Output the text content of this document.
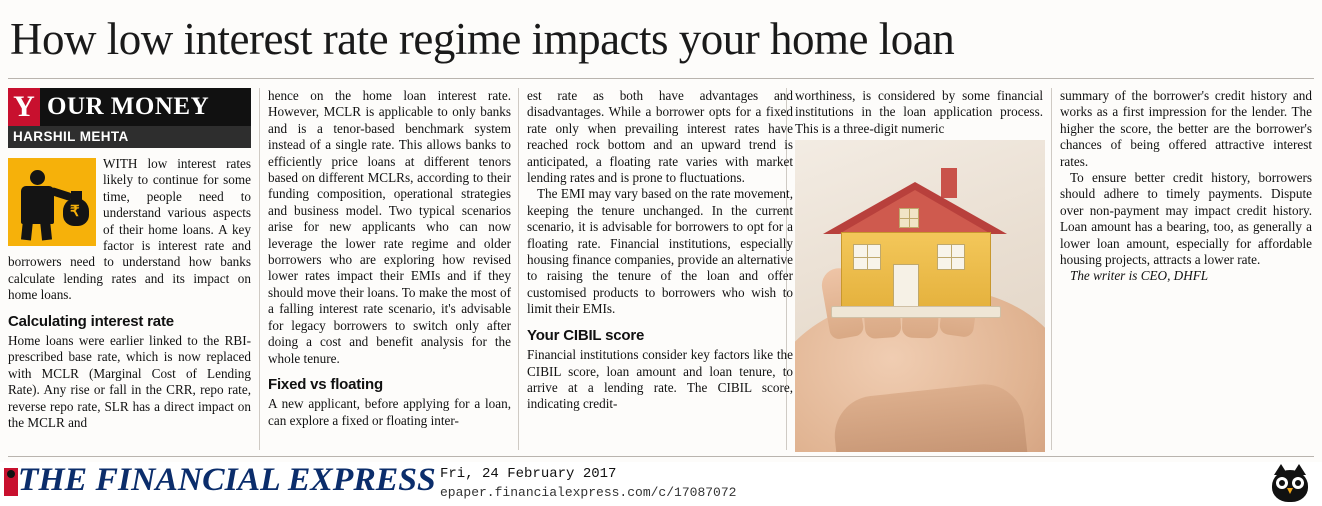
How low interest rate regime impacts your home loan
Y OUR MONEY
HARSHIL MEHTA
₹
WITH low interest rates likely to continue for some time, people need to understand various aspects of their home loans. A key factor is interest rate and borrowers need to understand how banks calculate lending rates and its impact on home loans.
Calculating interest rate

Home loans were earlier linked to the RBI-prescribed base rate, which is now replaced with MCLR (Marginal Cost of Lending Rate). Any rise or fall in the CRR, repo rate, reverse repo rate, SLR has a direct impact on the MCLR and

hence on the home loan interest rate. However, MCLR is applicable to only banks and is a tenor-based benchmark system instead of a single rate. This allows banks to efficiently price loans at different tenors based on different MCLRs, according to their funding composition, operational strategies and business model. Two typical scenarios arise for new applicants who can now leverage the lower rate regime and older borrowers who are exploring how revised lower rates impact their EMIs and if they should move their loans. To make the most of a falling interest rate scenario, it's advisable for legacy borrowers to switch only after doing a cost and benefit analysis for the whole tenure.

Fixed vs floating

A new applicant, before applying for a loan, can explore a fixed or floating inter-

est rate as both have advantages and disadvantages. While a borrower opts for a fixed rate only when prevailing interest rates have reached rock bottom and an upward trend is anticipated, a floating rate varies with market lending rates and is prone to fluctuations.

The EMI may vary based on the rate movement, keeping the tenure unchanged. In the current scenario, it is advisable for borrowers to opt for a floating rate. Financial institutions, especially housing finance companies, provide an alternative to raising the tenure of the loan and offer customised products to borrowers who wish to limit their EMIs.

Your CIBIL score

Financial institutions consider key factors like the CIBIL score, loan amount and loan tenure, to arrive at a lending rate. The CIBIL score, indicating credit-

worthiness, is considered by some financial institutions in the loan application process. This is a three-digit numeric

summary of the borrower's credit history and works as a first impression for the lender. The higher the score, the better are the borrower's chances of being offered attractive interest rates.

To ensure better credit history, borrowers should adhere to timely payments. Dispute over non-payment may impact credit history. Loan amount has a bearing, too, as generally a lower loan amount, especially for affordable housing projects, attracts a lower rate.

The writer is CEO, DHFL

THE FINANCIAL EXPRESS Fri, 24 February 2017
epaper.financialexpress.com/c/17087072
